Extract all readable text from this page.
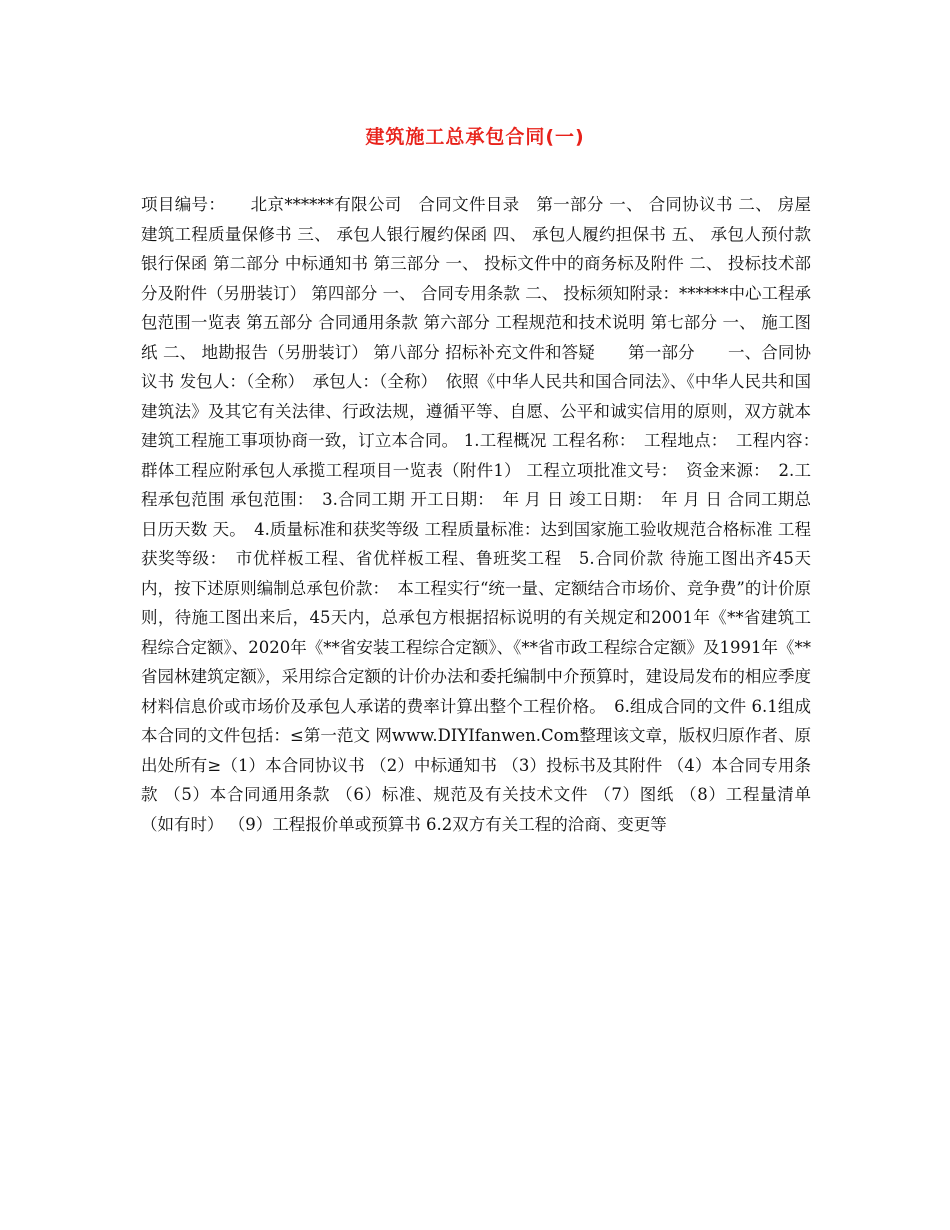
建筑施工总承包合同(一)
项目编号：　　北京******有限公司　合同文件目录　第一部分 一、 合同协议书 二、 房屋建筑工程质量保修书 三、 承包人银行履约保函 四、 承包人履约担保书 五、 承包人预付款银行保函 第二部分 中标通知书 第三部分 一、 投标文件中的商务标及附件 二、 投标技术部分及附件（另册装订） 第四部分 一、 合同专用条款 二、 投标须知附录：******中心工程承包范围一览表 第五部分 合同通用条款 第六部分 工程规范和技术说明 第七部分 一、 施工图纸 二、 地勘报告（另册装订） 第八部分 招标补充文件和答疑　　第一部分　　一、合同协议书 发包人：（全称）　承包人：（全称）　依照《中华人民共和国合同法》、《中华人民共和国建筑法》及其它有关法律、行政法规，遵循平等、自愿、公平和诚实信用的原则，双方就本建筑工程施工事项协商一致，订立本合同。 1.工程概况 工程名称：　工程地点：　工程内容：　群体工程应附承包人承揽工程项目一览表（附件1） 工程立项批准文号：　资金来源：　2.工程承包范围 承包范围：　3.合同工期 开工日期：　年 月 日 竣工日期：　年 月 日 合同工期总日历天数 天。　4.质量标准和获奖等级 工程质量标准：达到国家施工验收规范合格标准 工程获奖等级：　市优样板工程、省优样板工程、鲁班奖工程　5.合同价款 待施工图出齐45天内，按下述原则编制总承包价款：　本工程实行“统一量、定额结合市场价、竞争费”的计价原则，待施工图出来后，45天内，总承包方根据招标说明的有关规定和2001年《**省建筑工程综合定额》、2020年《**省安装工程综合定额》、《**省市政工程综合定额》及1991年《**省园林建筑定额》，采用综合定额的计价办法和委托编制中介预算时，建设局发布的相应季度材料信息价或市场价及承包人承诺的费率计算出整个工程价格。　6.组成合同的文件 6.1组成本合同的文件包括：≤第一范文 网www.DIYIfanwen.Com整理该文章，版权归原作者、原出处所有≥（1）本合同协议书 （2）中标通知书 （3）投标书及其附件 （4）本合同专用条款 （5）本合同通用条款 （6）标准、规范及有关技术文件 （7）图纸 （8）工程量清单（如有时） （9）工程报价单或预算书 6.2双方有关工程的洽商、变更等
